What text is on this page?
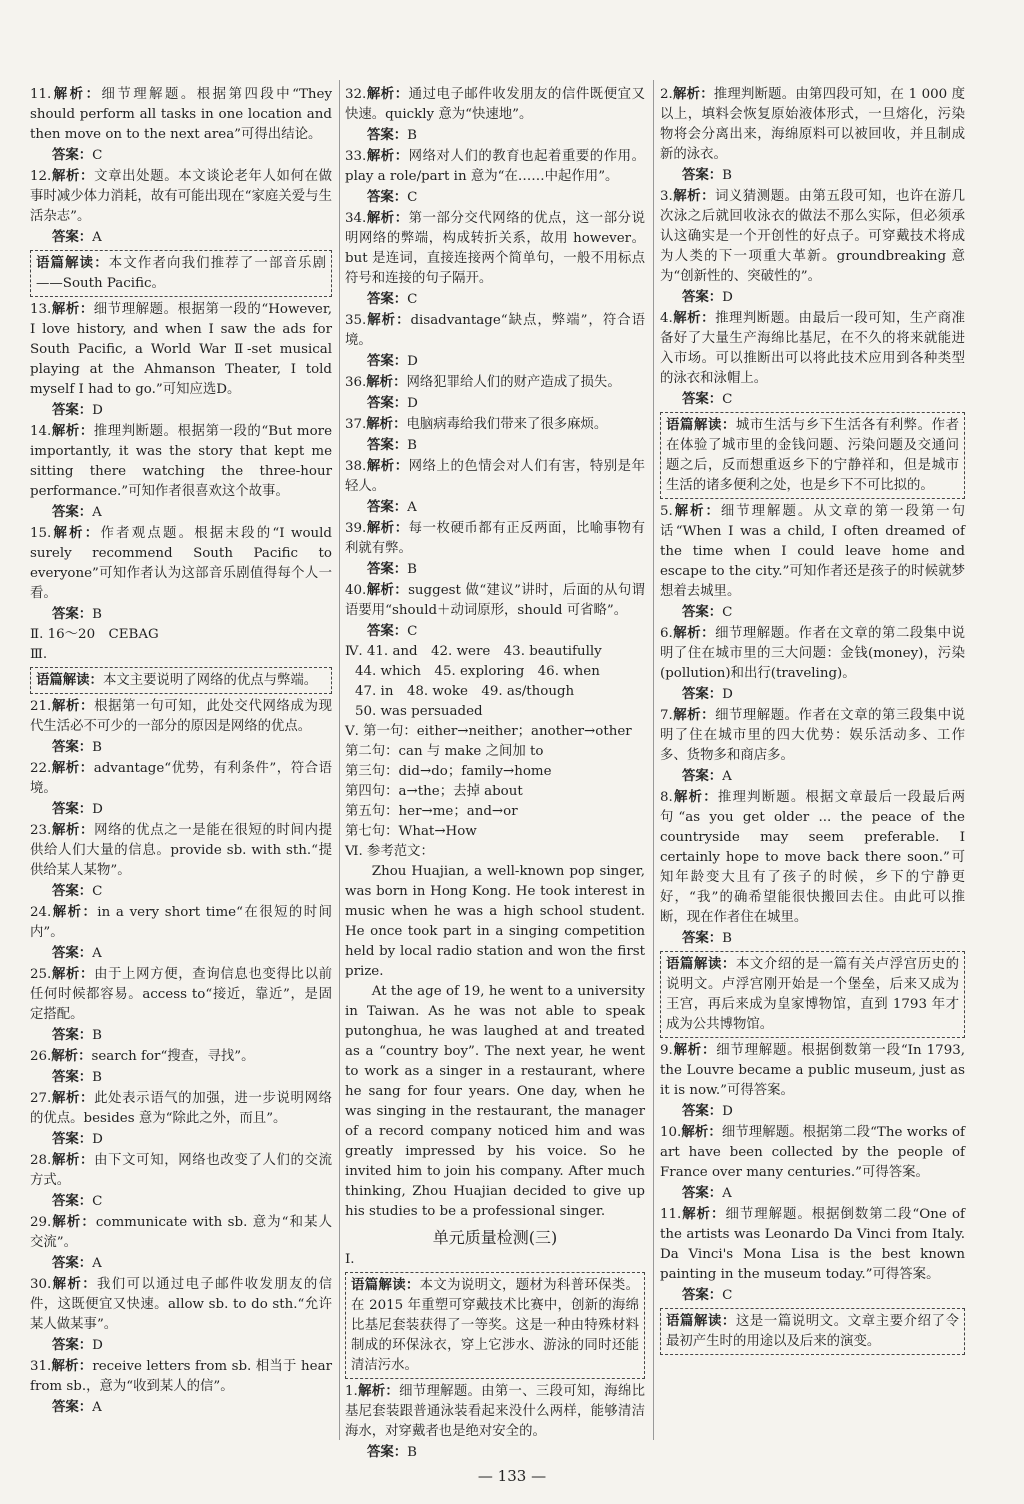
11.解析：细节理解题。根据第四段中“They should perform all tasks in one location and then move on to the next area”可得出结论。

答案：C

12.解析：文章出处题。本文谈论老年人如何在做事时减少体力消耗，故有可能出现在“家庭关爱与生活杂志”。

答案：A

语篇解读：本文作者向我们推荐了一部音乐剧——South Pacific。

13.解析：细节理解题。根据第一段的“However, I love history, and when I saw the ads for South Pacific, a World War Ⅱ-set musical playing at the Ahmanson Theater, I told myself I had to go.”可知应选D。

答案：D

14.解析：推理判断题。根据第一段的“But more importantly, it was the story that kept me sitting there watching the three-hour performance.”可知作者很喜欢这个故事。

答案：A

15.解析：作者观点题。根据末段的“I would surely recommend South Pacific to everyone”可知作者认为这部音乐剧值得每个人一看。

答案：B

Ⅱ. 16～20　CEBAG

Ⅲ.

语篇解读：本文主要说明了网络的优点与弊端。

21.解析：根据第一句可知，此处交代网络成为现代生活必不可少的一部分的原因是网络的优点。

答案：B

22.解析：advantage“优势，有利条件”，符合语境。

答案：D

23.解析：网络的优点之一是能在很短的时间内提供给人们大量的信息。provide sb. with sth.“提供给某人某物”。

答案：C

24.解析：in a very short time“在很短的时间内”。

答案：A

25.解析：由于上网方便，查询信息也变得比以前任何时候都容易。access to“接近，靠近”，是固定搭配。

答案：B

26.解析：search for“搜查，寻找”。

答案：B

27.解析：此处表示语气的加强，进一步说明网络的优点。besides 意为“除此之外，而且”。

答案：D

28.解析：由下文可知，网络也改变了人们的交流方式。

答案：C

29.解析：communicate with sb. 意为“和某人交流”。

答案：A

30.解析：我们可以通过电子邮件收发朋友的信件，这既便宜又快速。allow sb. to do sth.“允许某人做某事”。

答案：D

31.解析：receive letters from sb. 相当于 hear from sb.，意为“收到某人的信”。

答案：A

32.解析：通过电子邮件收发朋友的信件既便宜又快速。quickly 意为“快速地”。

答案：B

33.解析：网络对人们的教育也起着重要的作用。play a role/part in 意为“在……中起作用”。

答案：C

34.解析：第一部分交代网络的优点，这一部分说明网络的弊端，构成转折关系，故用 however。but 是连词，直接连接两个简单句，一般不用标点符号和连接的句子隔开。

答案：C

35.解析：disadvantage“缺点，弊端”，符合语境。

答案：D

36.解析：网络犯罪给人们的财产造成了损失。

答案：D

37.解析：电脑病毒给我们带来了很多麻烦。

答案：B

38.解析：网络上的色情会对人们有害，特别是年轻人。

答案：A

39.解析：每一枚硬币都有正反两面，比喻事物有利就有弊。

答案：B

40.解析：suggest 做“建议”讲时，后面的从句谓语要用“should＋动词原形，should 可省略”。

答案：C

Ⅳ. 41. and　42. were　43. beautifully

44. which　45. exploring　46. when

47. in　48. woke　49. as/though

50. was persuaded

Ⅴ. 第一句：either→neither；another→other

第二句：can 与 make 之间加 to

第三句：did→do；family→home

第四句：a→the；去掉 about

第五句：her→me；and→or

第七句：What→How

Ⅵ. 参考范文：

Zhou Huajian, a well-known pop singer, was born in Hong Kong. He took interest in music when he was a high school student. He once took part in a singing competition held by local radio station and won the first prize.

At the age of 19, he went to a university in Taiwan. As he was not able to speak putonghua, he was laughed at and treated as a “country boy”. The next year, he went to work as a singer in a restaurant, where he sang for four years. One day, when he was singing in the restaurant, the manager of a record company noticed him and was greatly impressed by his voice. So he invited him to join his company. After much thinking, Zhou Huajian decided to give up his studies to be a professional singer.

单元质量检测(三)

Ⅰ.

语篇解读：本文为说明文，题材为科普环保类。在 2015 年重塑可穿戴技术比赛中，创新的海绵比基尼套装获得了一等奖。这是一种由特殊材料制成的环保泳衣，穿上它涉水、游泳的同时还能清洁污水。

1.解析：细节理解题。由第一、三段可知，海绵比基尼套装跟普通泳装看起来没什么两样，能够清洁海水，对穿戴者也是绝对安全的。

答案：B

2.解析：推理判断题。由第四段可知，在 1 000 度以上，填料会恢复原始液体形式，一旦熔化，污染物将会分离出来，海绵原料可以被回收，并且制成新的泳衣。

答案：B

3.解析：词义猜测题。由第五段可知，也许在游几次泳之后就回收泳衣的做法不那么实际，但必须承认这确实是一个开创性的好点子。可穿戴技术将成为人类的下一项重大革新。groundbreaking 意为“创新性的、突破性的”。

答案：D

4.解析：推理判断题。由最后一段可知，生产商准备好了大量生产海绵比基尼，在不久的将来就能进入市场。可以推断出可以将此技术应用到各种类型的泳衣和泳帽上。

答案：C

语篇解读：城市生活与乡下生活各有利弊。作者在体验了城市里的金钱问题、污染问题及交通问题之后，反而想重返乡下的宁静祥和，但是城市生活的诸多便利之处，也是乡下不可比拟的。

5.解析：细节理解题。从文章的第一段第一句话“When I was a child, I often dreamed of the time when I could leave home and escape to the city.”可知作者还是孩子的时候就梦想着去城里。

答案：C

6.解析：细节理解题。作者在文章的第二段集中说明了住在城市里的三大问题：金钱(money)，污染(pollution)和出行(traveling)。

答案：D

7.解析：细节理解题。作者在文章的第三段集中说明了住在城市里的四大优势：娱乐活动多、工作多、货物多和商店多。

答案：A

8.解析：推理判断题。根据文章最后一段最后两句“as you get older ... the peace of the countryside may seem preferable. I certainly hope to move back there soon.”可知年龄变大且有了孩子的时候，乡下的宁静更好，“我”的确希望能很快搬回去住。由此可以推断，现在作者住在城里。

答案：B

语篇解读：本文介绍的是一篇有关卢浮宫历史的说明文。卢浮宫刚开始是一个堡垒，后来又成为王宫，再后来成为皇家博物馆，直到 1793 年才成为公共博物馆。

9.解析：细节理解题。根据倒数第一段“In 1793, the Louvre became a public museum, just as it is now.”可得答案。

答案：D

10.解析：细节理解题。根据第二段“The works of art have been collected by the people of France over many centuries.”可得答案。

答案：A

11.解析：细节理解题。根据倒数第二段“One of the artists was Leonardo Da Vinci from Italy. Da Vinci's Mona Lisa is the best known painting in the museum today.”可得答案。

答案：C

语篇解读：这是一篇说明文。文章主要介绍了令最初产生时的用途以及后来的演变。
— 133 —
